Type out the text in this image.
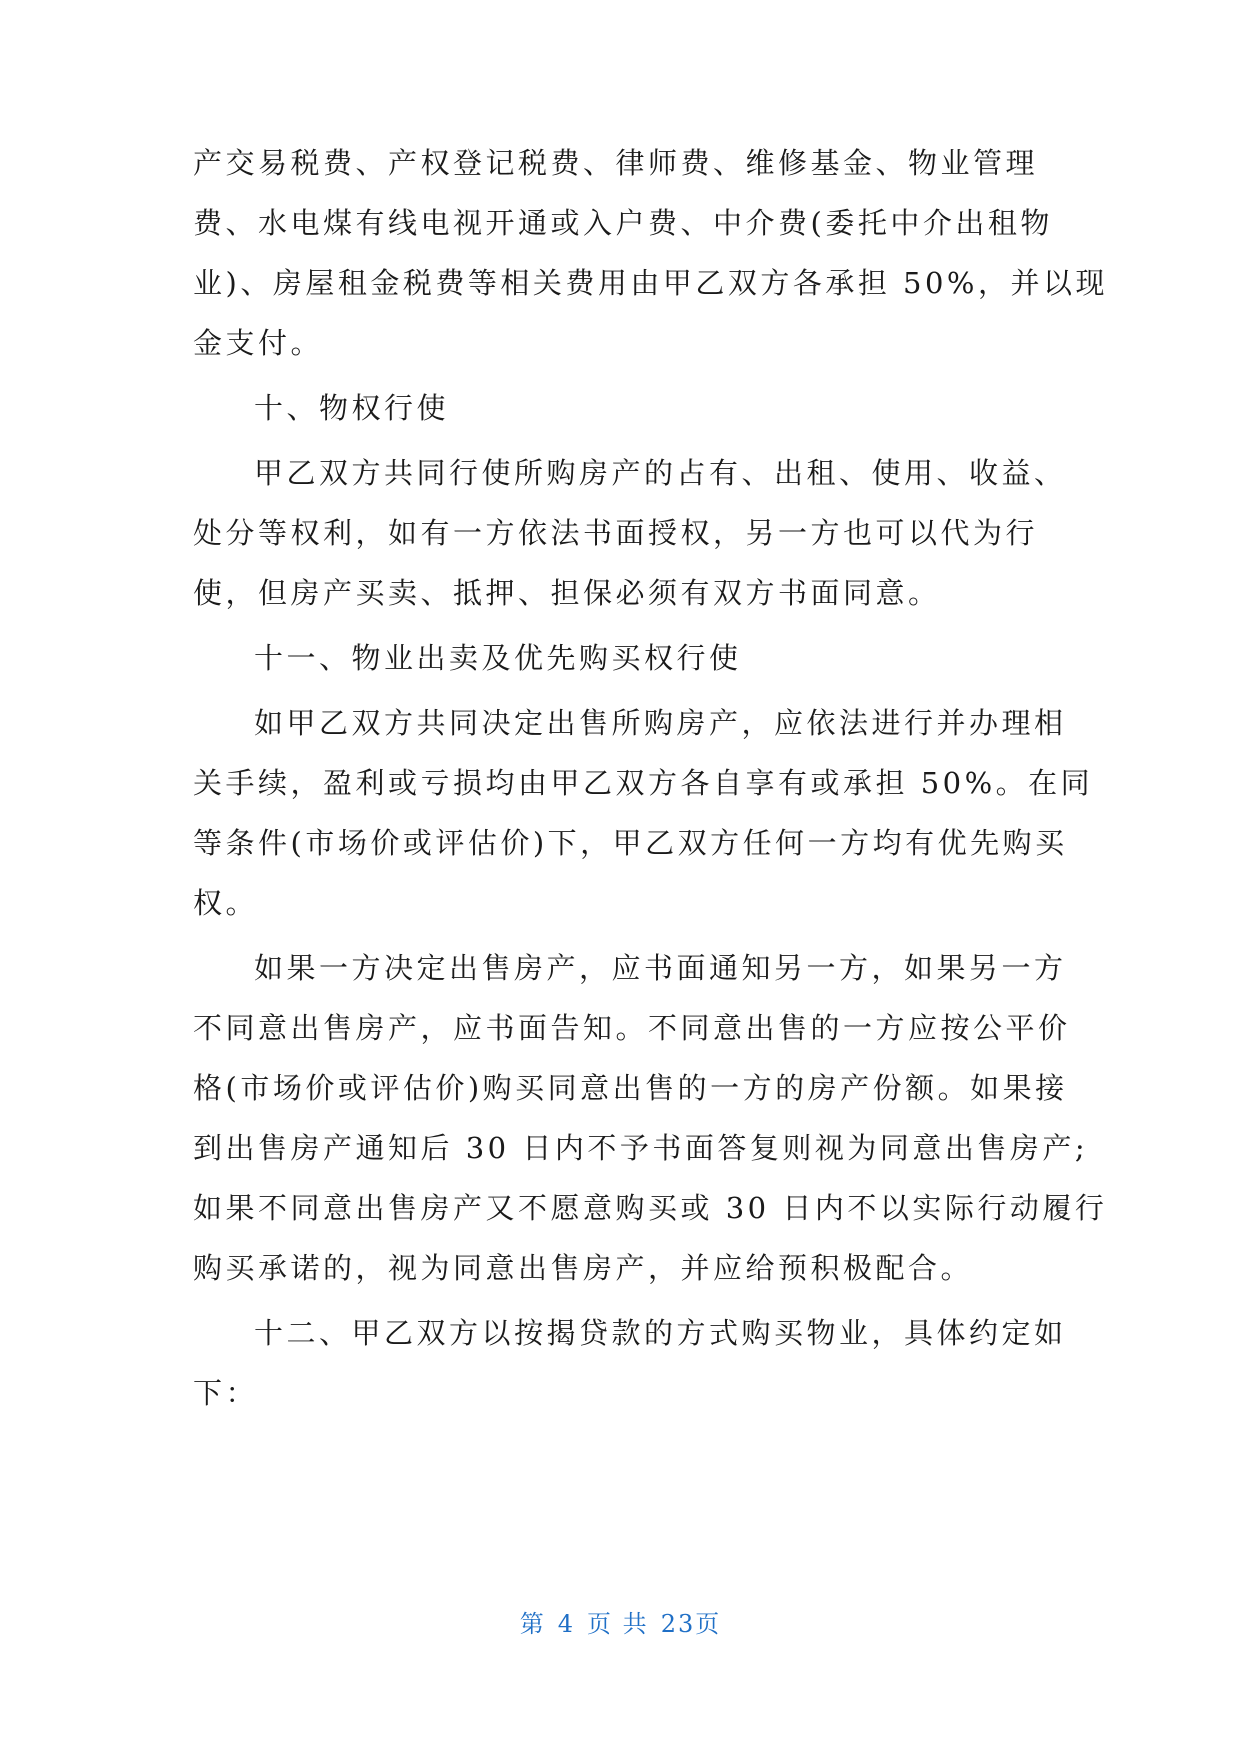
产交易税费、产权登记税费、律师费、维修基金、物业管理
费、水电煤有线电视开通或入户费、中介费(委托中介出租物
业)、房屋租金税费等相关费用由甲乙双方各承担 50%，并以现
金支付。
十、物权行使
甲乙双方共同行使所购房产的占有、出租、使用、收益、
处分等权利，如有一方依法书面授权，另一方也可以代为行
使，但房产买卖、抵押、担保必须有双方书面同意。
十一、物业出卖及优先购买权行使
如甲乙双方共同决定出售所购房产，应依法进行并办理相
关手续，盈利或亏损均由甲乙双方各自享有或承担 50%。在同
等条件(市场价或评估价)下，甲乙双方任何一方均有优先购买
权。
如果一方决定出售房产，应书面通知另一方，如果另一方
不同意出售房产，应书面告知。不同意出售的一方应按公平价
格(市场价或评估价)购买同意出售的一方的房产份额。如果接
到出售房产通知后 30 日内不予书面答复则视为同意出售房产;
如果不同意出售房产又不愿意购买或 30 日内不以实际行动履行
购买承诺的，视为同意出售房产，并应给预积极配合。
十二、甲乙双方以按揭贷款的方式购买物业，具体约定如
下：
第 4 页 共 23页
